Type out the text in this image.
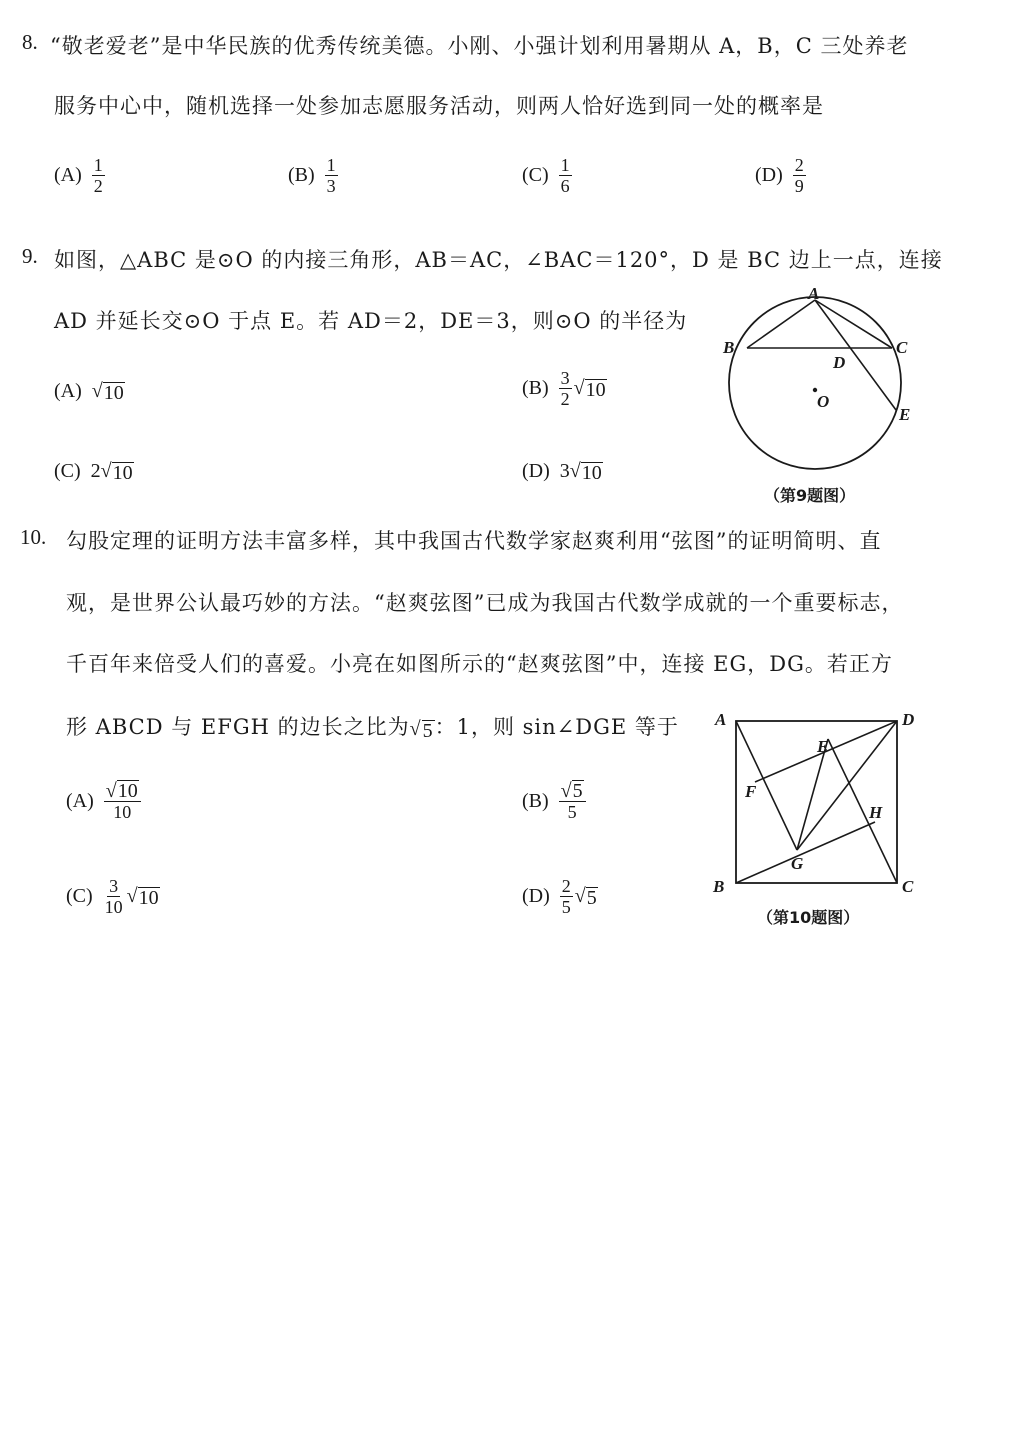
8. “敬老爱老”是中华民族的优秀传统美德。小刚、小强计划利用暑期从 A，B，C 三处养老
服务中心中，随机选择一处参加志愿服务活动，则两人恰好选到同一处的概率是
$(A) \frac{1}{2}$	$(B) \frac{1}{3}$	$(C) \frac{1}{6}$	$(D) \frac{2}{9}$
9. 如图，△ABC 是⊙O 的内接三角形，AB＝AC，∠BAC＝120°，D 是 BC 边上一点，连接
AD 并延长交⊙O 于点 E。若 AD＝2，DE＝3，则⊙O 的半径为
(A) √ 10	$(B) \frac{3}{2}$ √ 10
(C) 2 √ 10	(D) 3 √ 10
A
B	C
D
O
E
（第9题图）
10. 勾股定理的证明方法丰富多样，其中我国古代数学家赵爽利用“弦图”的证明简明、直
观，是世界公认最巧妙的方法。“赵爽弦图”已成为我国古代数学成就的一个重要标志，
千百年来倍受人们的喜爱。小亮在如图所示的“赵爽弦图”中，连接 EG，DG。若正方
形 ABCD 与 EFGH 的边长之比为 √ 5 ：1，则 sin∠DGE 等于
$(A) \frac{√ 10}{10}$	$(B) \frac{√ 5}{5}$
$(C) \frac{3}{10}$ √ 10	$(D) \frac{2}{5}$ √ 5
A	D
B	C
E
F
G
H
（第10题图）
